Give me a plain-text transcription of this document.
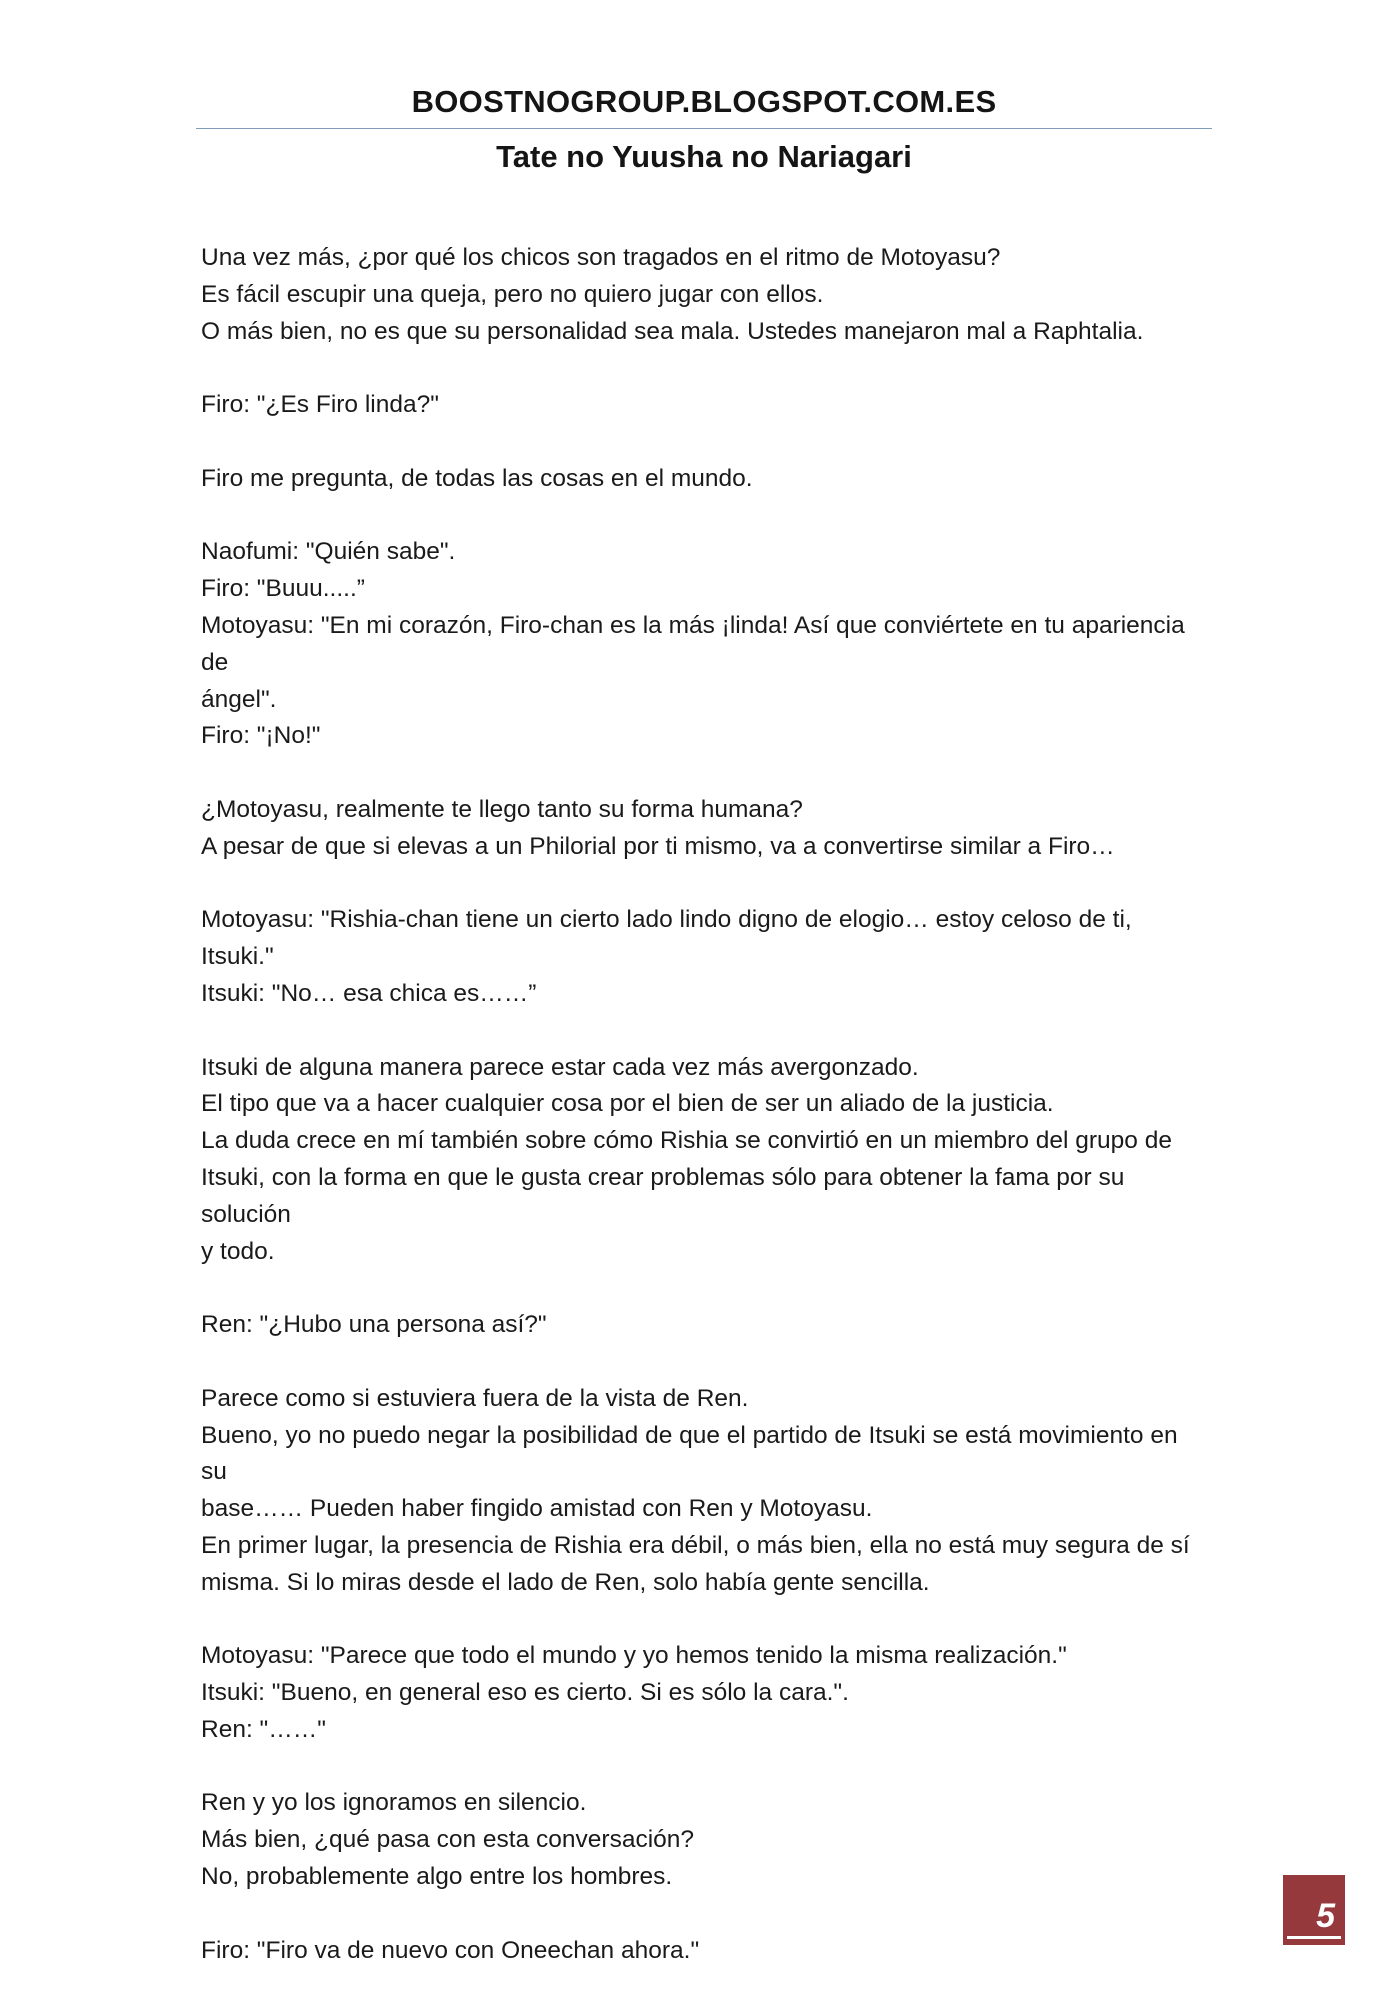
BOOSTNOGROUP.BLOGSPOT.COM.ES
Tate no Yuusha no Nariagari
Una vez más, ¿por qué los chicos son tragados en el ritmo de Motoyasu?
Es fácil escupir una queja, pero no quiero jugar con ellos.
O más bien, no es que su personalidad sea mala. Ustedes manejaron mal a Raphtalia.
Firo: "¿Es Firo linda?"
Firo me pregunta, de todas las cosas en el mundo.
Naofumi: "Quién sabe".
Firo: "Buuu.....”
Motoyasu: "En mi corazón, Firo-chan es la más ¡linda! Así que conviértete en tu apariencia de
ángel".
Firo: "¡No!"
¿Motoyasu, realmente te llego tanto su forma humana?
A pesar de que si elevas a un Philorial por ti mismo, va a convertirse similar a Firo…
Motoyasu: "Rishia-chan tiene un cierto lado lindo digno de elogio… estoy celoso de ti, Itsuki."
Itsuki: "No… esa chica es……”
Itsuki de alguna manera parece estar cada vez más avergonzado.
El tipo que va a hacer cualquier cosa por el bien de ser un aliado de la justicia.
La duda crece en mí también sobre cómo Rishia se convirtió en un miembro del grupo de
Itsuki, con la forma en que le gusta crear problemas sólo para obtener la fama por su solución
y todo.
Ren: "¿Hubo una persona así?"
Parece como si estuviera fuera de la vista de Ren.
Bueno, yo no puedo negar la posibilidad de que el partido de Itsuki se está movimiento en su
base…… Pueden haber fingido amistad con Ren y Motoyasu.
En primer lugar, la presencia de Rishia era débil, o más bien, ella no está muy segura de sí
misma. Si lo miras desde el lado de Ren, solo había gente sencilla.
Motoyasu: "Parece que todo el mundo y yo hemos tenido la misma realización."
Itsuki: "Bueno, en general eso es cierto. Si es sólo la cara.".
Ren: "……"
Ren y yo los ignoramos en silencio.
Más bien, ¿qué pasa con esta conversación?
No, probablemente algo entre los hombres.
Firo: "Firo va de nuevo con Oneechan ahora."
5
